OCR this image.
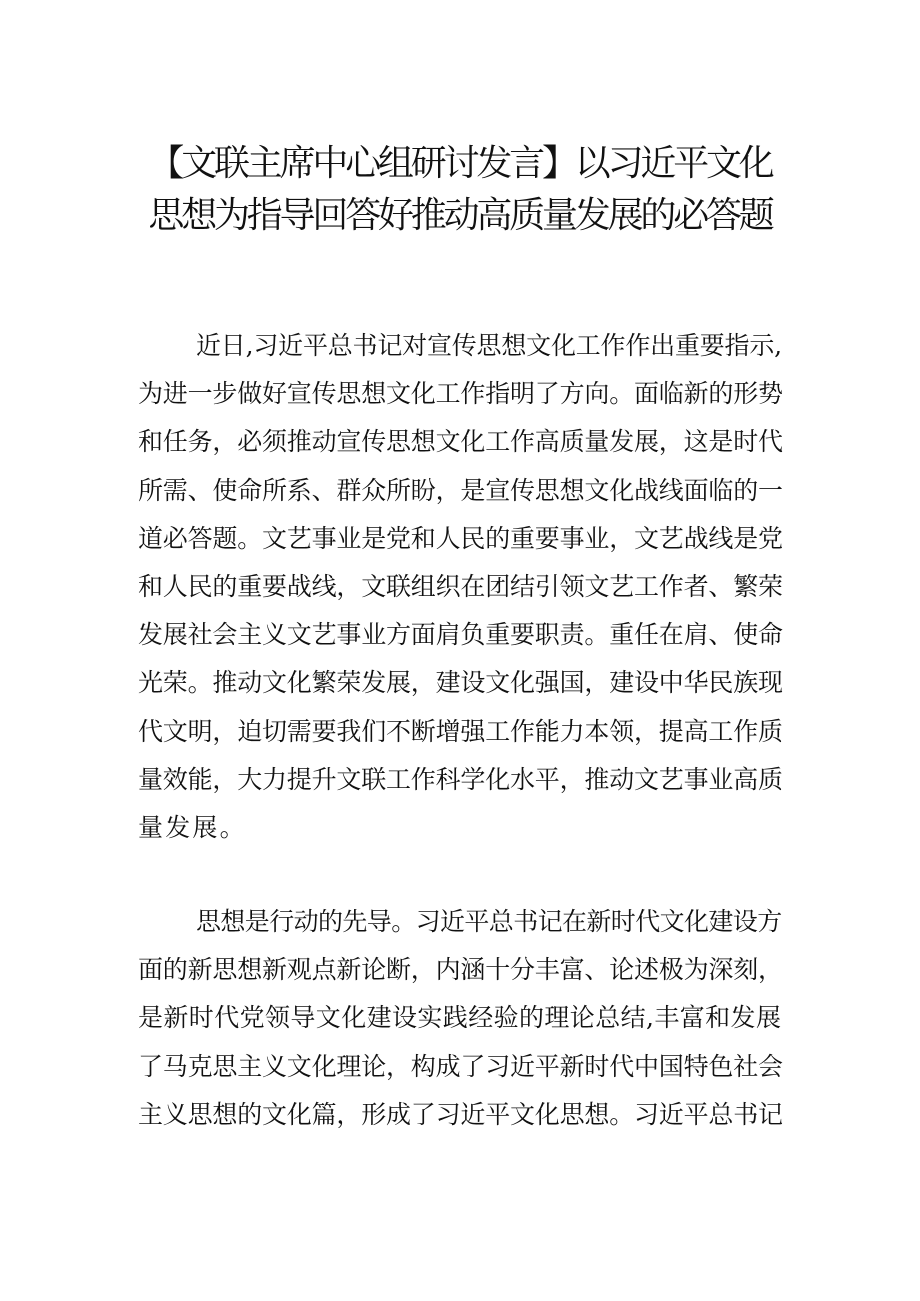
【文联主席中心组研讨发言】以习近平文化
思想为指导回答好推动高质量发展的必答题
近日,习近平总书记对宣传思想文化工作作出重要指示,
为进一步做好宣传思想文化工作指明了方向。面临新的形势
和任务，必须推动宣传思想文化工作高质量发展，这是时代
所需、使命所系、群众所盼，是宣传思想文化战线面临的一
道必答题。文艺事业是党和人民的重要事业，文艺战线是党
和人民的重要战线，文联组织在团结引领文艺工作者、繁荣
发展社会主义文艺事业方面肩负重要职责。重任在肩、使命
光荣。推动文化繁荣发展，建设文化强国，建设中华民族现
代文明，迫切需要我们不断增强工作能力本领，提高工作质
量效能，大力提升文联工作科学化水平，推动文艺事业高质
量发展。
思想是行动的先导。习近平总书记在新时代文化建设方
面的新思想新观点新论断，内涵十分丰富、论述极为深刻，
是新时代党领导文化建设实践经验的理论总结,丰富和发展
了马克思主义文化理论，构成了习近平新时代中国特色社会
主义思想的文化篇，形成了习近平文化思想。习近平总书记
